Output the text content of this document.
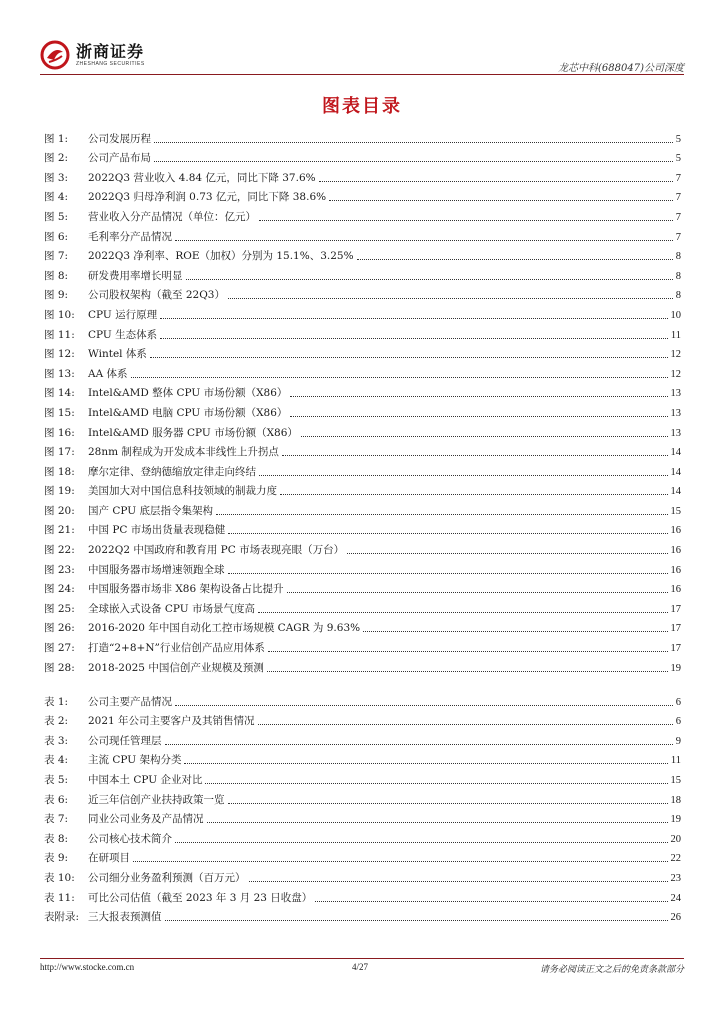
浙商证券
ZHESHANG SECURITIES	龙芯中科(688047)公司深度
图表目录
图 1:	公司发展历程	5
图 2:	公司产品布局	5
图 3:	2022Q3 营业收入 4.84 亿元，同比下降 37.6%	7
图 4:	2022Q3 归母净利润 0.73 亿元，同比下降 38.6%	7
图 5:	营业收入分产品情况（单位：亿元）	7
图 6:	毛利率分产品情况	7
图 7:	2022Q3 净利率、ROE（加权）分别为 15.1%、3.25%	8
图 8:	研发费用率增长明显	8
图 9:	公司股权架构（截至 22Q3）	8
图 10:	CPU 运行原理	10
图 11:	CPU 生态体系	11
图 12:	Wintel 体系	12
图 13:	AA 体系	12
图 14:	Intel&AMD 整体 CPU 市场份额（X86）	13
图 15:	Intel&AMD 电脑 CPU 市场份额（X86）	13
图 16:	Intel&AMD 服务器 CPU 市场份额（X86）	13
图 17:	28nm 制程成为开发成本非线性上升拐点	14
图 18:	摩尔定律、登纳德缩放定律走向终结	14
图 19:	美国加大对中国信息科技领域的制裁力度	14
图 20:	国产 CPU 底层指令集架构	15
图 21:	中国 PC 市场出货量表现稳健	16
图 22:	2022Q2 中国政府和教育用 PC 市场表现亮眼（万台）	16
图 23:	中国服务器市场增速领跑全球	16
图 24:	中国服务器市场非 X86 架构设备占比提升	16
图 25:	全球嵌入式设备 CPU 市场景气度高	17
图 26:	2016-2020 年中国自动化工控市场规模 CAGR 为 9.63%	17
图 27:	打造“2+8+N”行业信创产品应用体系	17
图 28:	2018-2025 中国信创产业规模及预测	19
表 1:	公司主要产品情况	6
表 2:	2021 年公司主要客户及其销售情况	6
表 3:	公司现任管理层	9
表 4:	主流 CPU 架构分类	11
表 5:	中国本土 CPU 企业对比	15
表 6:	近三年信创产业扶持政策一览	18
表 7:	同业公司业务及产品情况	19
表 8:	公司核心技术简介	20
表 9:	在研项目	22
表 10:	公司细分业务盈利预测（百万元）	23
表 11:	可比公司估值（截至 2023 年 3 月 23 日收盘）	24
表附录: 三大报表预测值	26
http://www.stocke.com.cn	4/27	请务必阅读正文之后的免责条款部分
